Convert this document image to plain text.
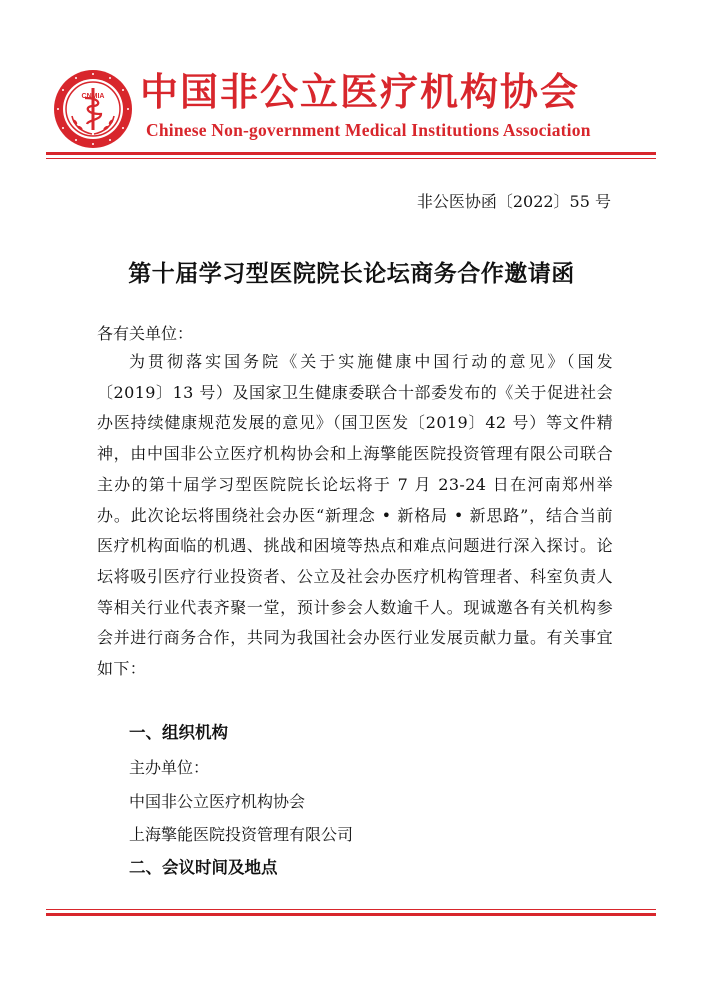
CNMIA 中国非公立医疗机构协会
Chinese Non-government Medical Institutions Association
非公医协函〔2022〕55 号
第十届学习型医院院长论坛商务合作邀请函
各有关单位：
为贯彻落实国务院《关于实施健康中国行动的意见》（国发〔2019〕13 号）及国家卫生健康委联合十部委发布的《关于促进社会办医持续健康规范发展的意见》（国卫医发〔2019〕42 号）等文件精神，由中国非公立医疗机构协会和上海擎能医院投资管理有限公司联合主办的第十届学习型医院院长论坛将于 7 月 23-24 日在河南郑州举办。此次论坛将围绕社会办医“新理念 • 新格局 • 新思路”，结合当前医疗机构面临的机遇、挑战和困境等热点和难点问题进行深入探讨。论坛将吸引医疗行业投资者、公立及社会办医疗机构管理者、科室负责人等相关行业代表齐聚一堂，预计参会人数逾千人。现诚邀各有关机构参会并进行商务合作，共同为我国社会办医行业发展贡献力量。有关事宜如下：
一、组织机构
主办单位：
中国非公立医疗机构协会
上海擎能医院投资管理有限公司
二、会议时间及地点
